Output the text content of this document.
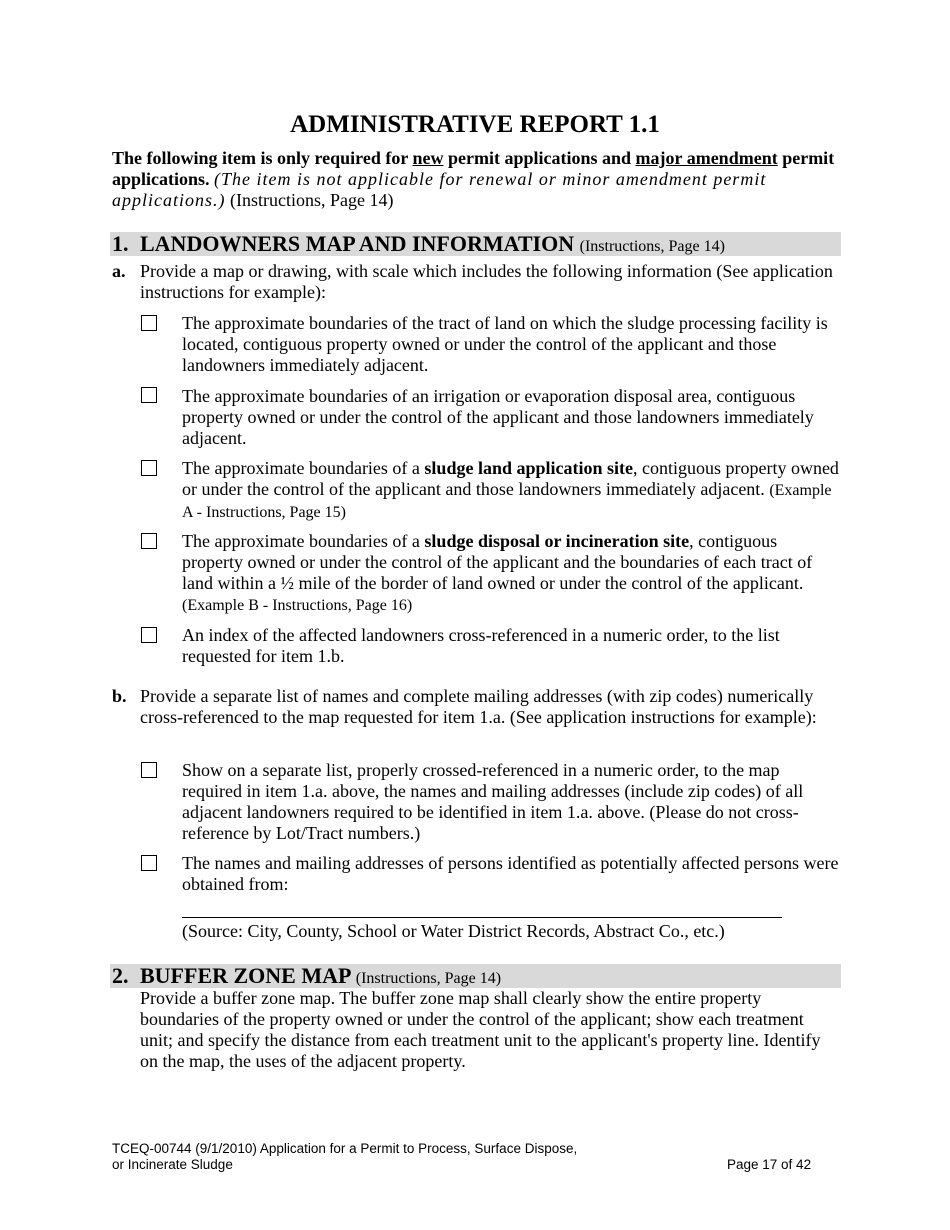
ADMINISTRATIVE REPORT 1.1
The following item is only required for new permit applications and major amendment permit applications. (The item is not applicable for renewal or minor amendment permit applications.) (Instructions, Page 14)
1. LANDOWNERS MAP AND INFORMATION (Instructions, Page 14)
a. Provide a map or drawing, with scale which includes the following information (See application instructions for example):
The approximate boundaries of the tract of land on which the sludge processing facility is located, contiguous property owned or under the control of the applicant and those landowners immediately adjacent.
The approximate boundaries of an irrigation or evaporation disposal area, contiguous property owned or under the control of the applicant and those landowners immediately adjacent.
The approximate boundaries of a sludge land application site, contiguous property owned or under the control of the applicant and those landowners immediately adjacent. (Example A - Instructions, Page 15)
The approximate boundaries of a sludge disposal or incineration site, contiguous property owned or under the control of the applicant and the boundaries of each tract of land within a ½ mile of the border of land owned or under the control of the applicant. (Example B - Instructions, Page 16)
An index of the affected landowners cross-referenced in a numeric order, to the list requested for item 1.b.
b. Provide a separate list of names and complete mailing addresses (with zip codes) numerically cross-referenced to the map requested for item 1.a. (See application instructions for example):
Show on a separate list, properly crossed-referenced in a numeric order, to the map required in item 1.a. above, the names and mailing addresses (include zip codes) of all adjacent landowners required to be identified in item 1.a. above. (Please do not cross-reference by Lot/Tract numbers.)
The names and mailing addresses of persons identified as potentially affected persons were obtained from:
(Source: City, County, School or Water District Records, Abstract Co., etc.)
2. BUFFER ZONE MAP (Instructions, Page 14)
Provide a buffer zone map. The buffer zone map shall clearly show the entire property boundaries of the property owned or under the control of the applicant; show each treatment unit; and specify the distance from each treatment unit to the applicant's property line. Identify on the map, the uses of the adjacent property.
TCEQ-00744 (9/1/2010) Application for a Permit to Process, Surface Dispose,
or Incinerate Sludge	Page 17 of 42
